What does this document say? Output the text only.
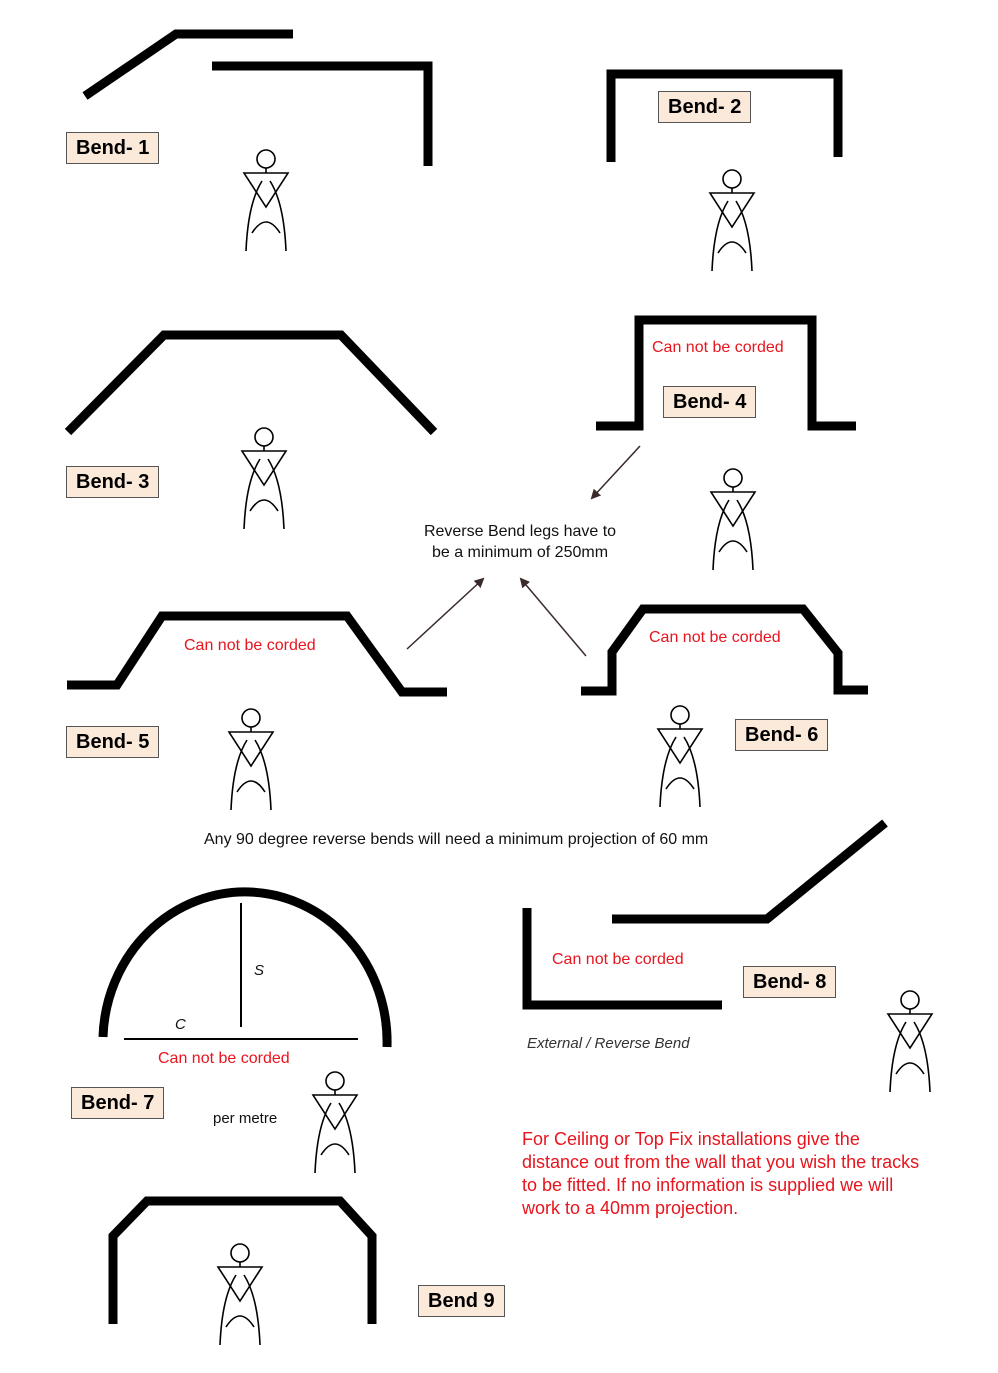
Bend- 1
Bend- 2
Bend- 3
Bend- 4
Bend- 5	Bend- 6
Bend- 7
Bend- 8
Bend 9
Can not be corded
Can not be corded	Can not be corded
Can not be corded
Can not be corded
Reverse Bend legs have to
be a minimum of 250mm
Any 90 degree reverse bends will need a minimum projection of 60 mm
S
C
per metre
External / Reverse Bend
For Ceiling or Top Fix installations give the distance out from the wall that you wish the tracks to be fitted. If no information is supplied we will work to a 40mm projection.
